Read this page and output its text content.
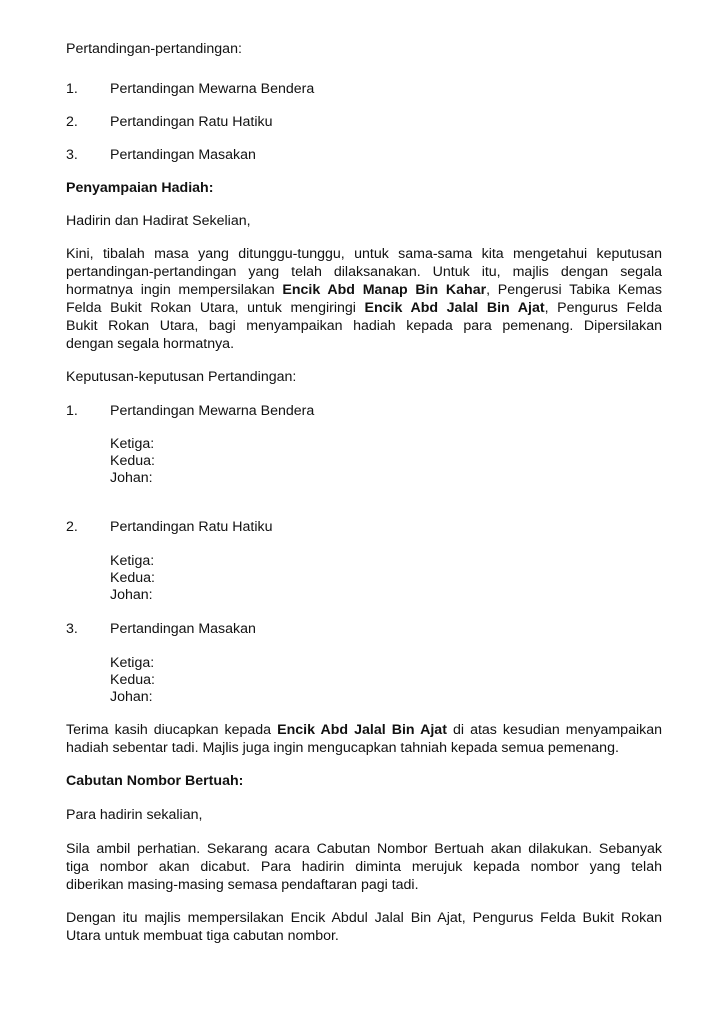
Pertandingan-pertandingan:

1. Pertandingan Mewarna Bendera
2. Pertandingan Ratu Hatiku
3. Pertandingan Masakan

Penyampaian Hadiah:

Hadirin dan Hadirat Sekelian,

Kini, tibalah masa yang ditunggu-tunggu, untuk sama-sama kita mengetahui keputusan

pertandingan-pertandingan yang telah dilaksanakan. Untuk itu, majlis dengan segala

hormatnya ingin mempersilakan Encik Abd Manap Bin Kahar, Pengerusi Tabika Kemas

Felda Bukit Rokan Utara, untuk mengiringi Encik Abd Jalal Bin Ajat, Pengurus Felda

Bukit Rokan Utara, bagi menyampaikan hadiah kepada para pemenang. Dipersilakan

dengan segala hormatnya.

Keputusan-keputusan Pertandingan:

1. Pertandingan Mewarna Bendera
Ketiga:
Kedua:
Johan:
2. Pertandingan Ratu Hatiku
Ketiga:
Kedua:
Johan:
3. Pertandingan Masakan
Ketiga:
Kedua:
Johan:

Terima kasih diucapkan kepada Encik Abd Jalal Bin Ajat di atas kesudian menyampaikan

hadiah sebentar tadi. Majlis juga ingin mengucapkan tahniah kepada semua pemenang.

Cabutan Nombor Bertuah:

Para hadirin sekalian,

Sila ambil perhatian. Sekarang acara Cabutan Nombor Bertuah akan dilakukan. Sebanyak

tiga nombor akan dicabut. Para hadirin diminta merujuk kepada nombor yang telah

diberikan masing-masing semasa pendaftaran pagi tadi.

Dengan itu majlis mempersilakan Encik Abdul Jalal Bin Ajat, Pengurus Felda Bukit Rokan

Utara untuk membuat tiga cabutan nombor.
